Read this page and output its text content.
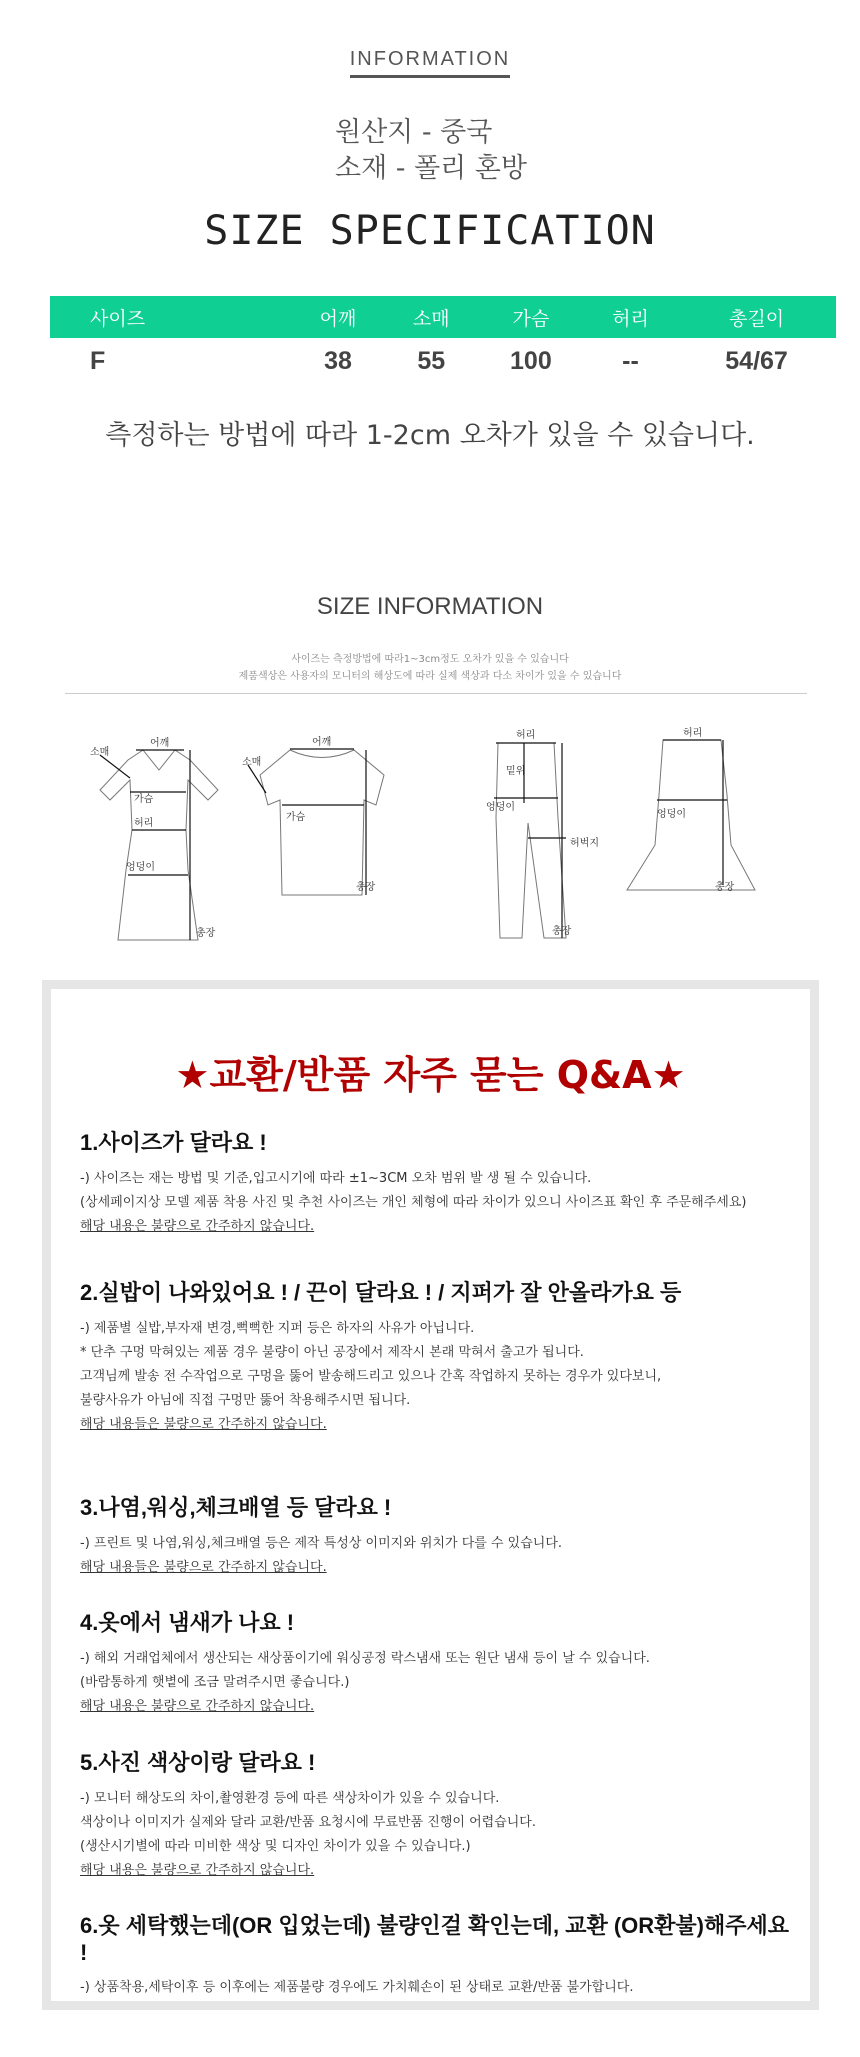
INFORMATION
원산지 - 중국
소재 - 폴리 혼방
SIZE SPECIFICATION
사이즈	어깨	소매	가슴	허리	총길이
F	38	55	100	--	54/67
측정하는 방법에 따라 1-2cm 오차가 있을 수 있습니다.
SIZE INFORMATION
사이즈는 측정방법에 따라1~3cm정도 오차가 있을 수 있습니다
제품색상은 사용자의 모니터의 해상도에 따라 실제 색상과 다소 차이가 있을 수 있습니다
어깨
소매
가슴
허리
엉덩이
총장
어깨
소매
가슴
총장
허리
밑위
엉덩이
허벅지
총장
허리
엉덩이
총장
★교환/반품 자주 묻는 Q&A★
1.사이즈가 달라요 !
-) 사이즈는 재는 방법 및 기준,입고시기에 따라 ±1~3CM 오차 범위 발 생 될 수 있습니다.
(상세페이지상 모델 제품 착용 사진 및 추천 사이즈는 개인 체형에 따라 차이가 있으니 사이즈표 확인 후 주문해주세요)
해당 내용은 불량으로 간주하지 않습니다.
2.실밥이 나와있어요 ! / 끈이 달라요 ! / 지퍼가 잘 안올라가요 등
-) 제품별 실밥,부자재 변경,뻑뻑한 지퍼 등은 하자의 사유가 아닙니다.
* 단추 구멍 막혀있는 제품 경우 불량이 아닌 공장에서 제작시 본래 막혀서 출고가 됩니다.
고객님께 발송 전 수작업으로 구멍을 뚫어 발송해드리고 있으나 간혹 작업하지 못하는 경우가 있다보니,
불량사유가 아님에 직접 구멍만 뚫어 착용해주시면 됩니다.
해당 내용들은 불량으로 간주하지 않습니다.
3.나염,워싱,체크배열 등 달라요 !
-) 프린트 및 나염,워싱,체크배열 등은 제작 특성상 이미지와 위치가 다를 수 있습니다.
해당 내용들은 불량으로 간주하지 않습니다.
4.옷에서 냄새가 나요 !
-) 해외 거래업체에서 생산되는 새상품이기에 워싱공정 락스냄새 또는 원단 냄새 등이 날 수 있습니다.
(바람통하게 햇볕에 조금 말려주시면 좋습니다.)
해당 내용은 불량으로 간주하지 않습니다.
5.사진 색상이랑 달라요 !
-) 모니터 해상도의 차이,촬영환경 등에 따른 색상차이가 있을 수 있습니다.
색상이나 이미지가 실제와 달라 교환/반품 요청시에 무료반품 진행이 어렵습니다.
(생산시기별에 따라 미비한 색상 및 디자인 차이가 있을 수 있습니다.)
해당 내용은 불량으로 간주하지 않습니다.
6.옷 세탁했는데(OR 입었는데) 불량인걸 확인는데, 교환 (OR환불)해주세요 !
-) 상품착용,세탁이후 등 이후에는 제품불량 경우에도 가치훼손이 된 상태로 교환/반품 불가합니다.
